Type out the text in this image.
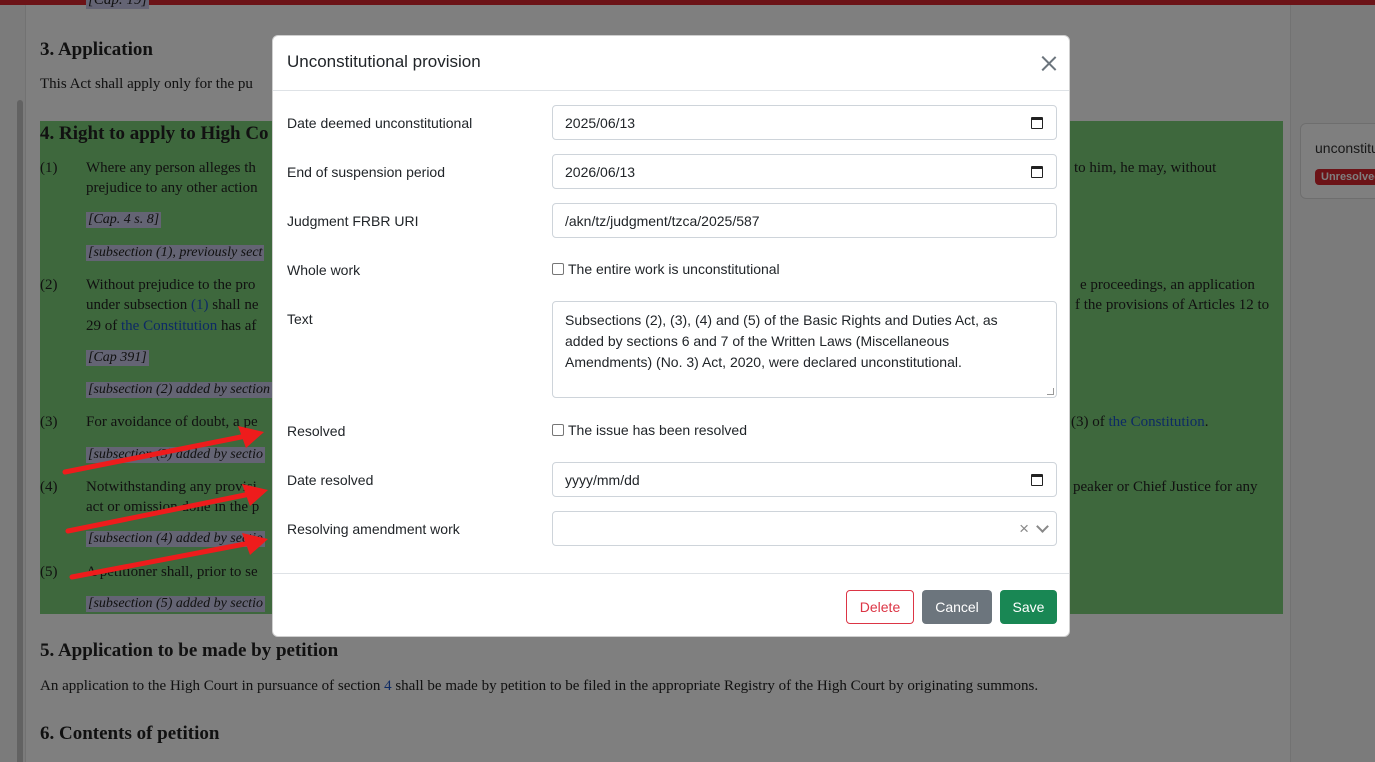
Unconstitutional provision
Date deemed unconstitutional	2025/06/13
End of suspension period	2026/06/13
Judgment FRBR URI	/akn/tz/judgment/tzca/2025/587
Whole work	The entire work is unconstitutional
Text	Subsections (2), (3), (4) and (5) of the Basic Rights and Duties Act, as
added by sections 6 and 7 of the Written Laws (Miscellaneous
Amendments) (No. 3) Act, 2020, were declared unconstitutional.
Resolved	The issue has been resolved
Date resolved	yyyy/mm/dd
Resolving amendment work	×
Delete	Cancel	Save
